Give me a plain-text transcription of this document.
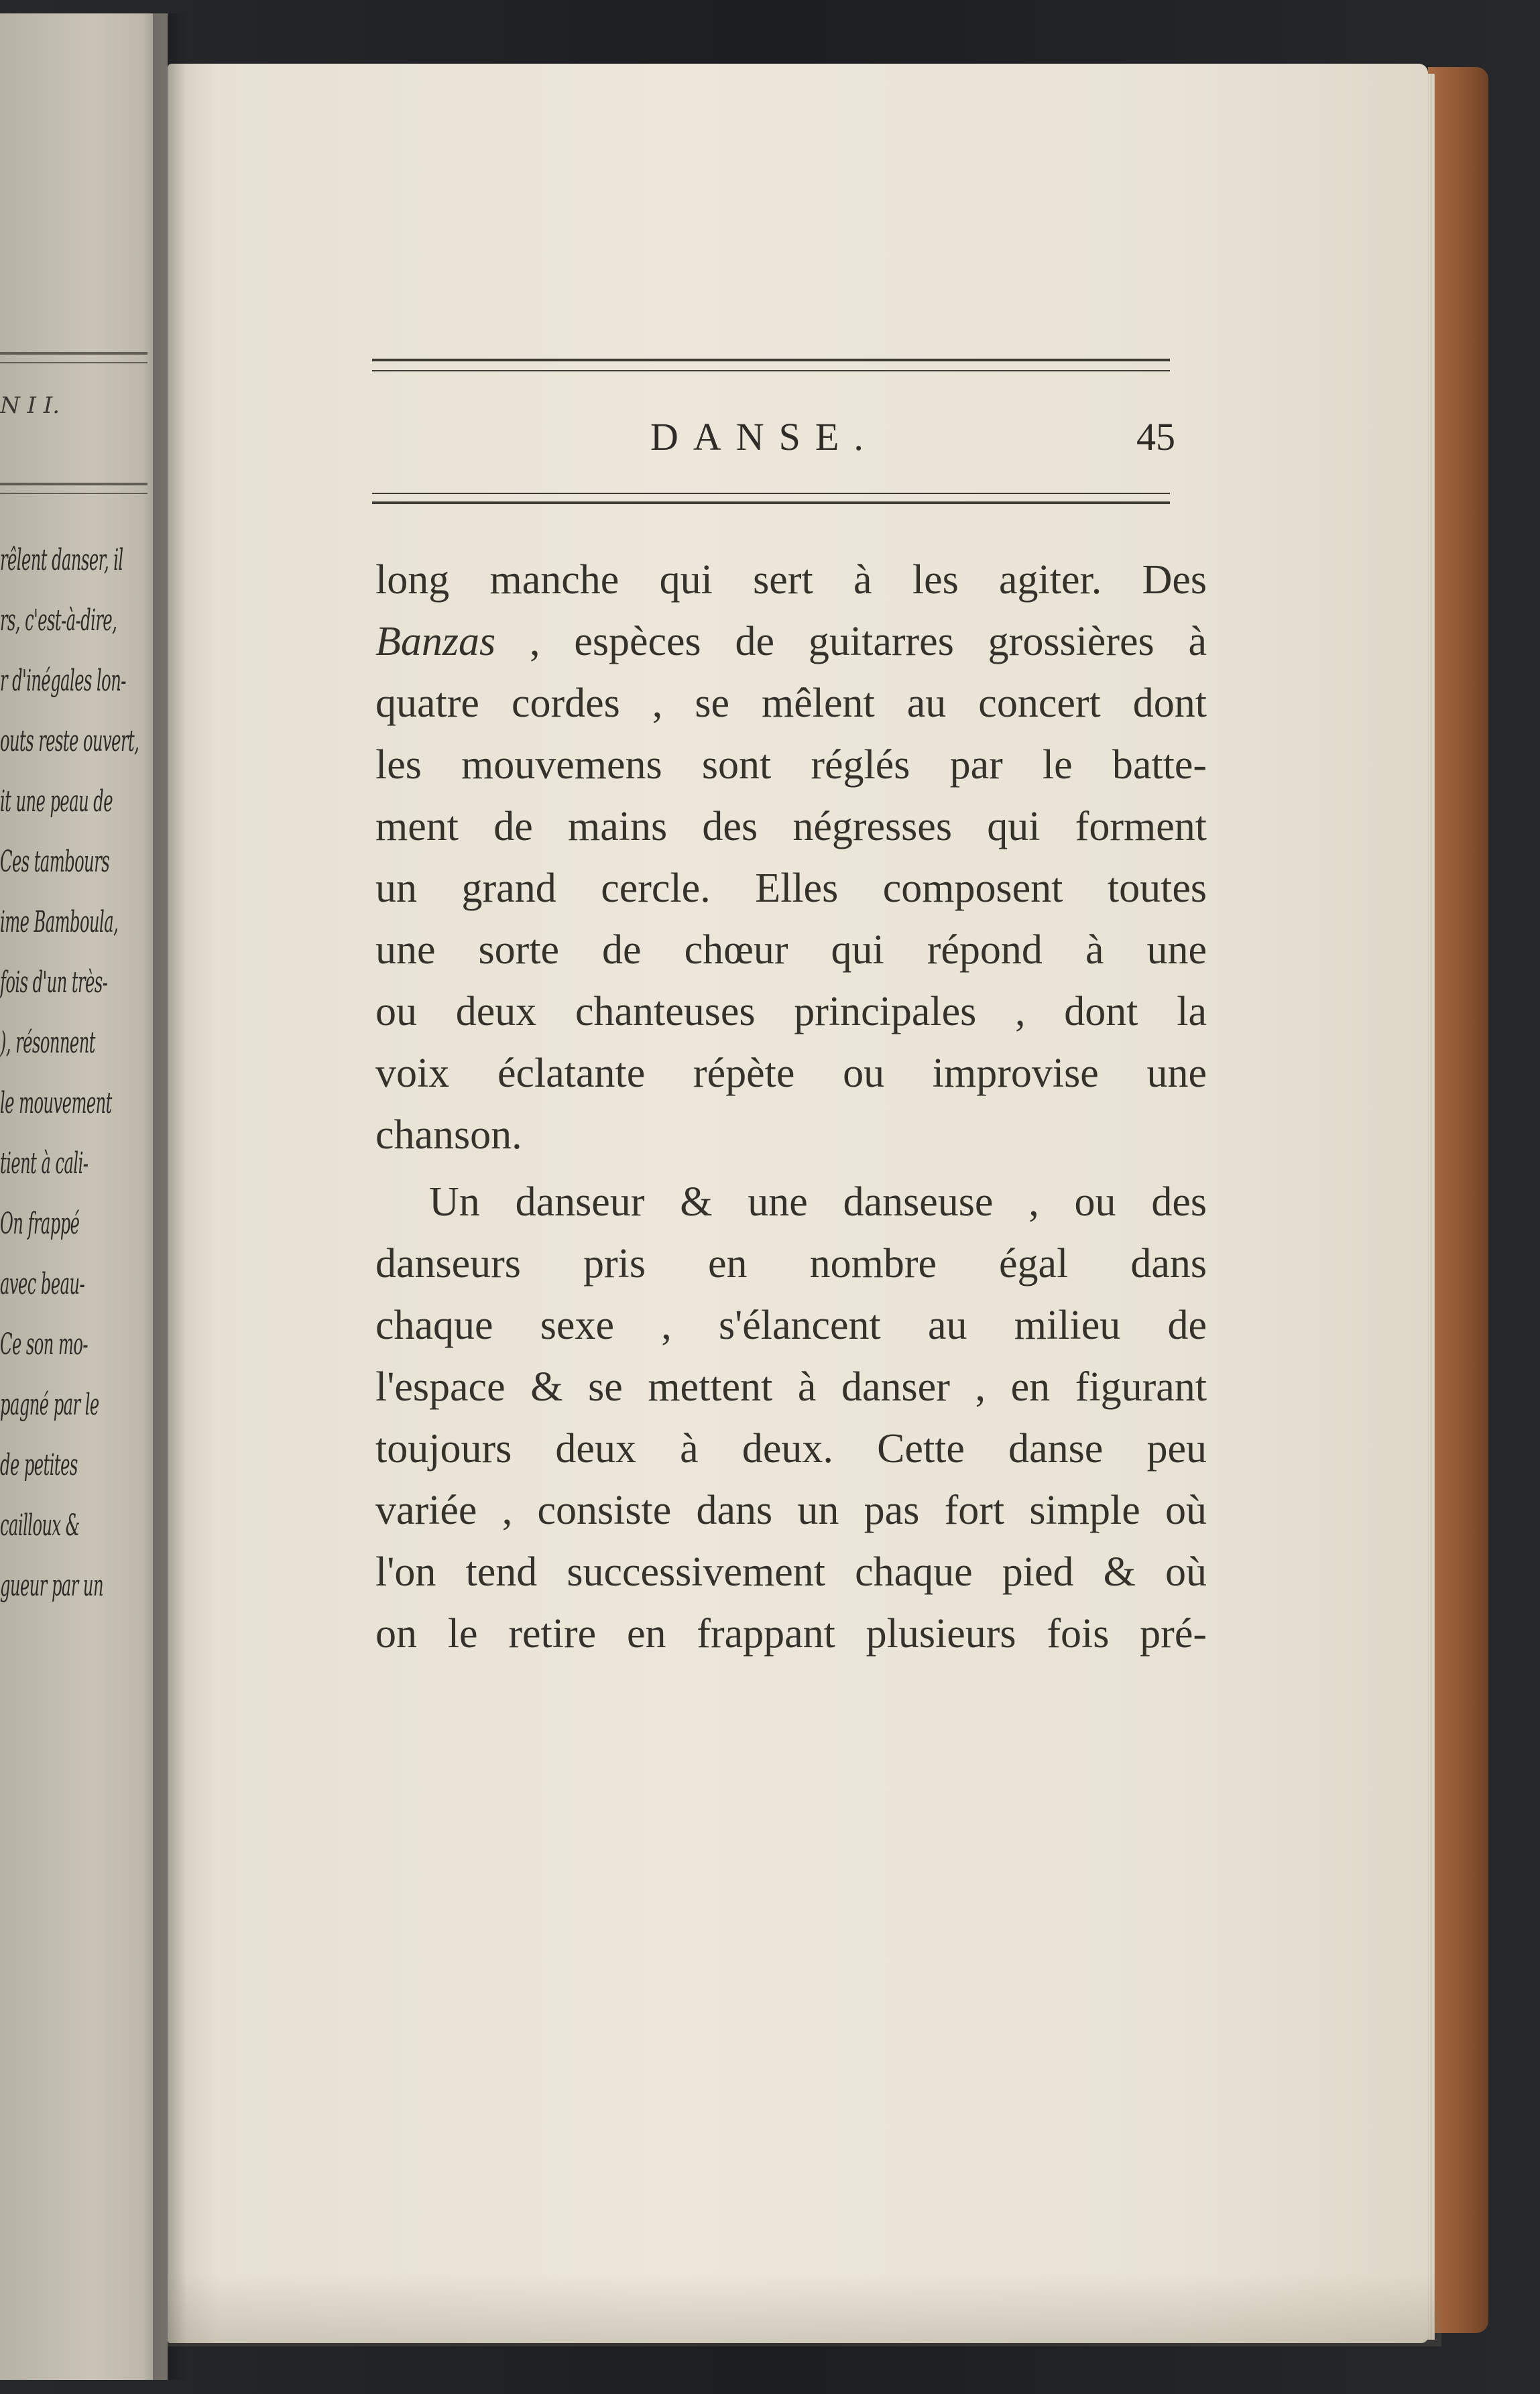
N I I.
rêlent danser, il
rs, c'est-à-dire,
r d'inégales lon-
outs reste ouvert,
it une peau de
Ces tambours
ime Bamboula,
fois d'un très-
), résonnent
le mouvement
tient à cali-
On frappé
avec beau-
Ce son mo-
pagné par le
de petites
cailloux &
gueur par un
DANSE.	45
long manche qui sert à les agiter. Des
Banzas , espèces de guitarres grossières à
quatre cordes , se mêlent au concert dont
les mouvemens sont réglés par le batte-
ment de mains des négresses qui forment
un grand cercle. Elles composent toutes
une sorte de chœur qui répond à une
ou deux chanteuses principales , dont la
voix éclatante répète ou improvise une
chanson.
Un danseur & une danseuse , ou des
danseurs pris en nombre égal dans
chaque sexe , s'élancent au milieu de
l'espace & se mettent à danser , en figurant
toujours deux à deux. Cette danse peu
variée , consiste dans un pas fort simple où
l'on tend successivement chaque pied & où
on le retire en frappant plusieurs fois pré-
